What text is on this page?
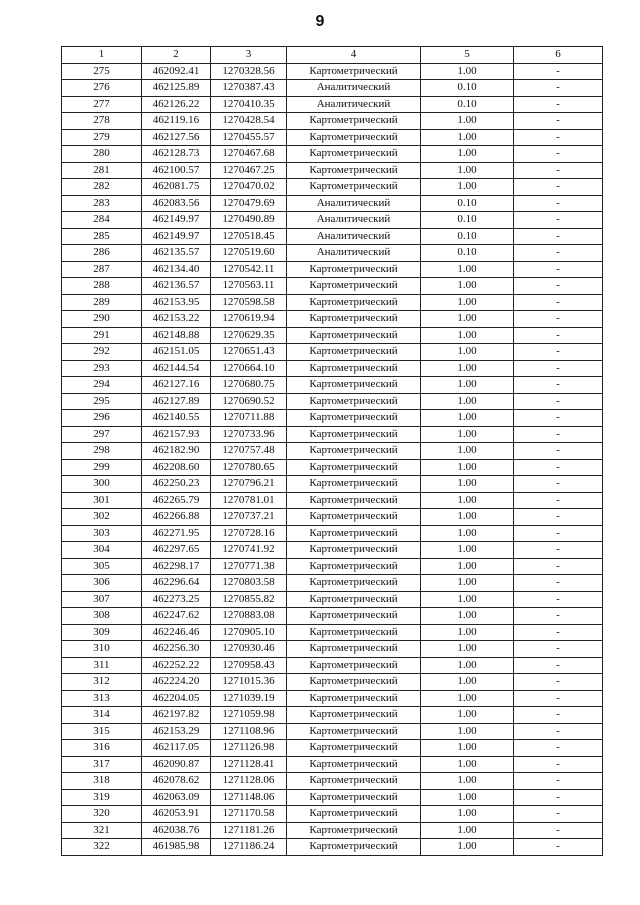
9
1	2	3	4	5	6
275	462092.41	1270328.56	Картометрический	1.00	-
276	462125.89	1270387.43	Аналитический	0.10	-
277	462126.22	1270410.35	Аналитический	0.10	-
278	462119.16	1270428.54	Картометрический	1.00	-
279	462127.56	1270455.57	Картометрический	1.00	-
280	462128.73	1270467.68	Картометрический	1.00	-
281	462100.57	1270467.25	Картометрический	1.00	-
282	462081.75	1270470.02	Картометрический	1.00	-
283	462083.56	1270479.69	Аналитический	0.10	-
284	462149.97	1270490.89	Аналитический	0.10	-
285	462149.97	1270518.45	Аналитический	0.10	-
286	462135.57	1270519.60	Аналитический	0.10	-
287	462134.40	1270542.11	Картометрический	1.00	-
288	462136.57	1270563.11	Картометрический	1.00	-
289	462153.95	1270598.58	Картометрический	1.00	-
290	462153.22	1270619.94	Картометрический	1.00	-
291	462148.88	1270629.35	Картометрический	1.00	-
292	462151.05	1270651.43	Картометрический	1.00	-
293	462144.54	1270664.10	Картометрический	1.00	-
294	462127.16	1270680.75	Картометрический	1.00	-
295	462127.89	1270690.52	Картометрический	1.00	-
296	462140.55	1270711.88	Картометрический	1.00	-
297	462157.93	1270733.96	Картометрический	1.00	-
298	462182.90	1270757.48	Картометрический	1.00	-
299	462208.60	1270780.65	Картометрический	1.00	-
300	462250.23	1270796.21	Картометрический	1.00	-
301	462265.79	1270781.01	Картометрический	1.00	-
302	462266.88	1270737.21	Картометрический	1.00	-
303	462271.95	1270728.16	Картометрический	1.00	-
304	462297.65	1270741.92	Картометрический	1.00	-
305	462298.17	1270771.38	Картометрический	1.00	-
306	462296.64	1270803.58	Картометрический	1.00	-
307	462273.25	1270855.82	Картометрический	1.00	-
308	462247.62	1270883.08	Картометрический	1.00	-
309	462246.46	1270905.10	Картометрический	1.00	-
310	462256.30	1270930.46	Картометрический	1.00	-
311	462252.22	1270958.43	Картометрический	1.00	-
312	462224.20	1271015.36	Картометрический	1.00	-
313	462204.05	1271039.19	Картометрический	1.00	-
314	462197.82	1271059.98	Картометрический	1.00	-
315	462153.29	1271108.96	Картометрический	1.00	-
316	462117.05	1271126.98	Картометрический	1.00	-
317	462090.87	1271128.41	Картометрический	1.00	-
318	462078.62	1271128.06	Картометрический	1.00	-
319	462063.09	1271148.06	Картометрический	1.00	-
320	462053.91	1271170.58	Картометрический	1.00	-
321	462038.76	1271181.26	Картометрический	1.00	-
322	461985.98	1271186.24	Картометрический	1.00	-
